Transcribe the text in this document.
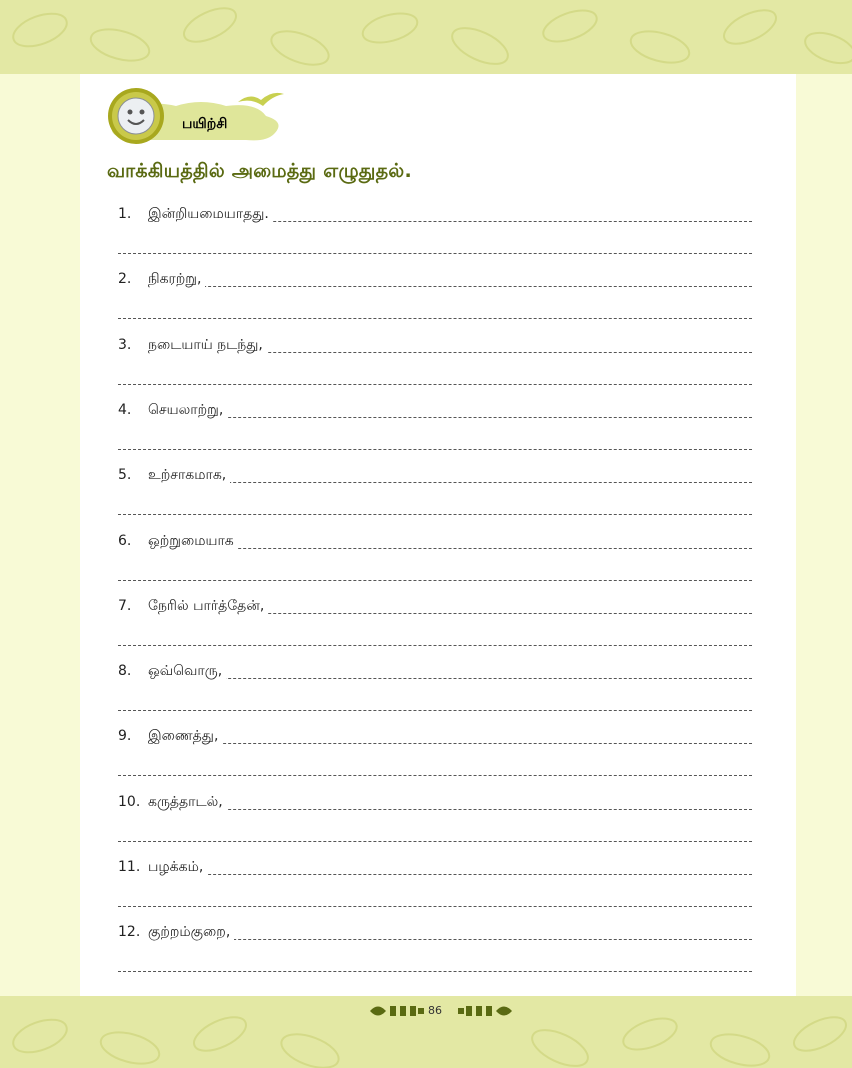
பயிற்சி
வாக்கியத்தில் அமைத்து எழுதுதல்.
1. இன்றியமையாதது.
2. நிகரற்று,
3. நடையாய் நடந்து,
4. செயலாற்று,
5. உற்சாகமாக,
6. ஒற்றுமையாக
7. நேரில் பார்த்தேன்,
8. ஒவ்வொரு,
9. இணைத்து,
10. கருத்தாடல்,
11. பழக்கம்,
12. குற்றம்குறை,
86
